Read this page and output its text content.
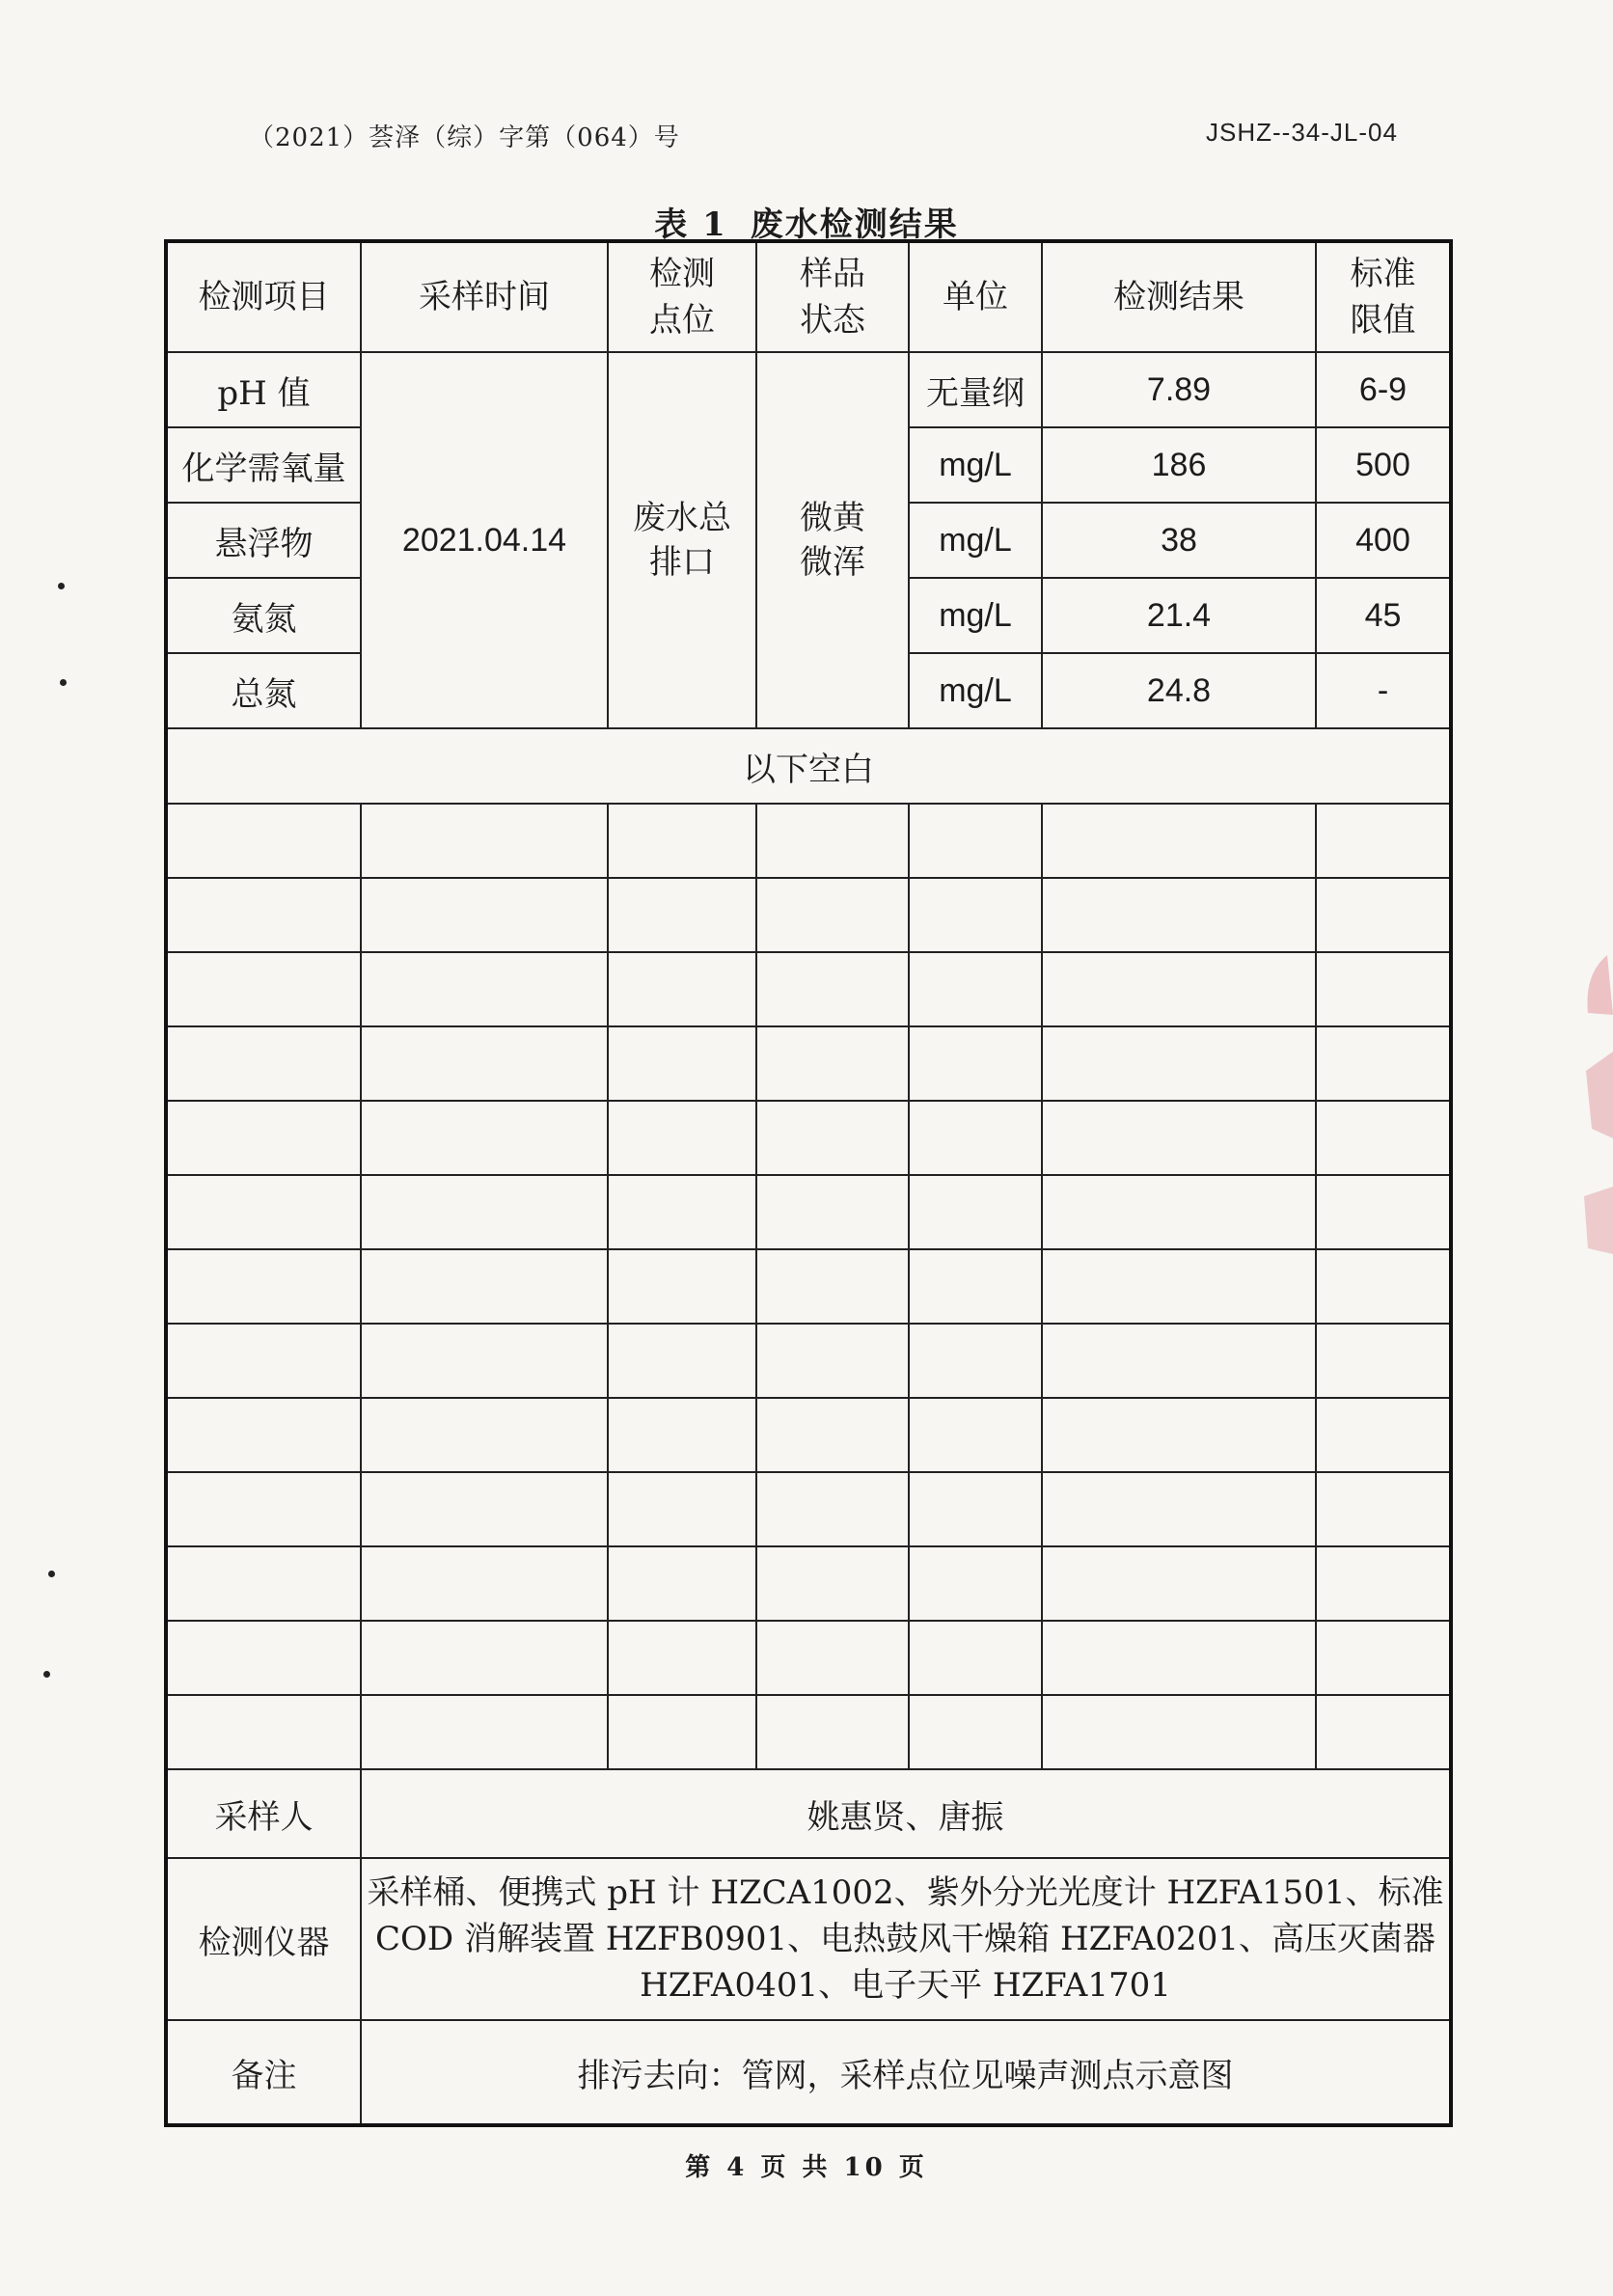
（2021）荟泽（综）字第（064）号	JSHZ--34-JL-04
表 1 废水检测结果
检测项目	采样时间	检测点位	样品状态	单位	检测结果	标准限值

pH 值	2021.04.14	废水总排口	微黄微浑	无量纲	7.89	6-9
化学需氧量				mg/L	186	500
悬浮物				mg/L	38	400
氨氮				mg/L	21.4	45
总氮				mg/L	24.8	-
以下空白						

采样人	姚惠贤、唐振					
检测仪器	采样桶、便携式 pH 计 HZCA1002、紫外分光光度计 HZFA1501、标准 COD 消解装置 HZFB0901、电热鼓风干燥箱 HZFA0201、高压灭菌器 HZFA0401、电子天平 HZFA1701					
备注	排污去向：管网，采样点位见噪声测点示意图					
第 4 页 共 10 页
